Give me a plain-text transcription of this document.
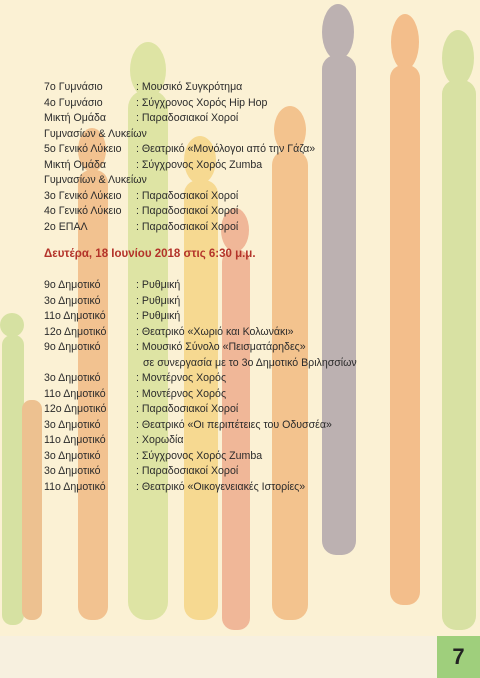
7ο Γυμνάσιο	: Μουσικό Συγκρότημα
4ο Γυμνάσιο	: Σύγχρονος Χορός Hip Hop
Μικτή Ομάδα	: Παραδοσιακοί Χοροί
Γυμνασίων & Λυκείων
5ο Γενικό Λύκειο : Θεατρικό «Μονόλογοι από την Γάζα»
Μικτή Ομάδα	: Σύγχρονος Χορός Zumba
Γυμνασίων & Λυκείων
3ο Γενικό Λύκειο : Παραδοσιακοί Χοροί
4ο Γενικό Λύκειο : Παραδοσιακοί Χοροί
2ο ΕΠΑΛ	: Παραδοσιακοί Χοροί
Δευτέρα, 18 Ιουνίου 2018 στις 6:30 μ.μ.
9ο Δημοτικό	: Ρυθμική
3ο Δημοτικό	: Ρυθμική
11ο Δημοτικό	: Ρυθμική
12ο Δημοτικό	: Θεατρικό «Χωριό και Κολωνάκι»
9ο Δημοτικό	: Μουσικό Σύνολο «Πεισματάρηδες»
σε συνεργασία με το 3ο Δημοτικό Βριλησσίων
3ο Δημοτικό	: Μοντέρνος Χορός
11ο Δημοτικό	: Μοντέρνος Χορός
12ο Δημοτικό	: Παραδοσιακοί Χοροί
3ο Δημοτικό	: Θεατρικό «Οι περιπέτειες του Οδυσσέα»
11ο Δημοτικό	: Χορωδία
3ο Δημοτικό	: Σύγχρονος Χορός Zumba
3ο Δημοτικό	: Παραδοσιακοί Χοροί
11ο Δημοτικό	: Θεατρικό «Οικογενειακές Ιστορίες»
7
